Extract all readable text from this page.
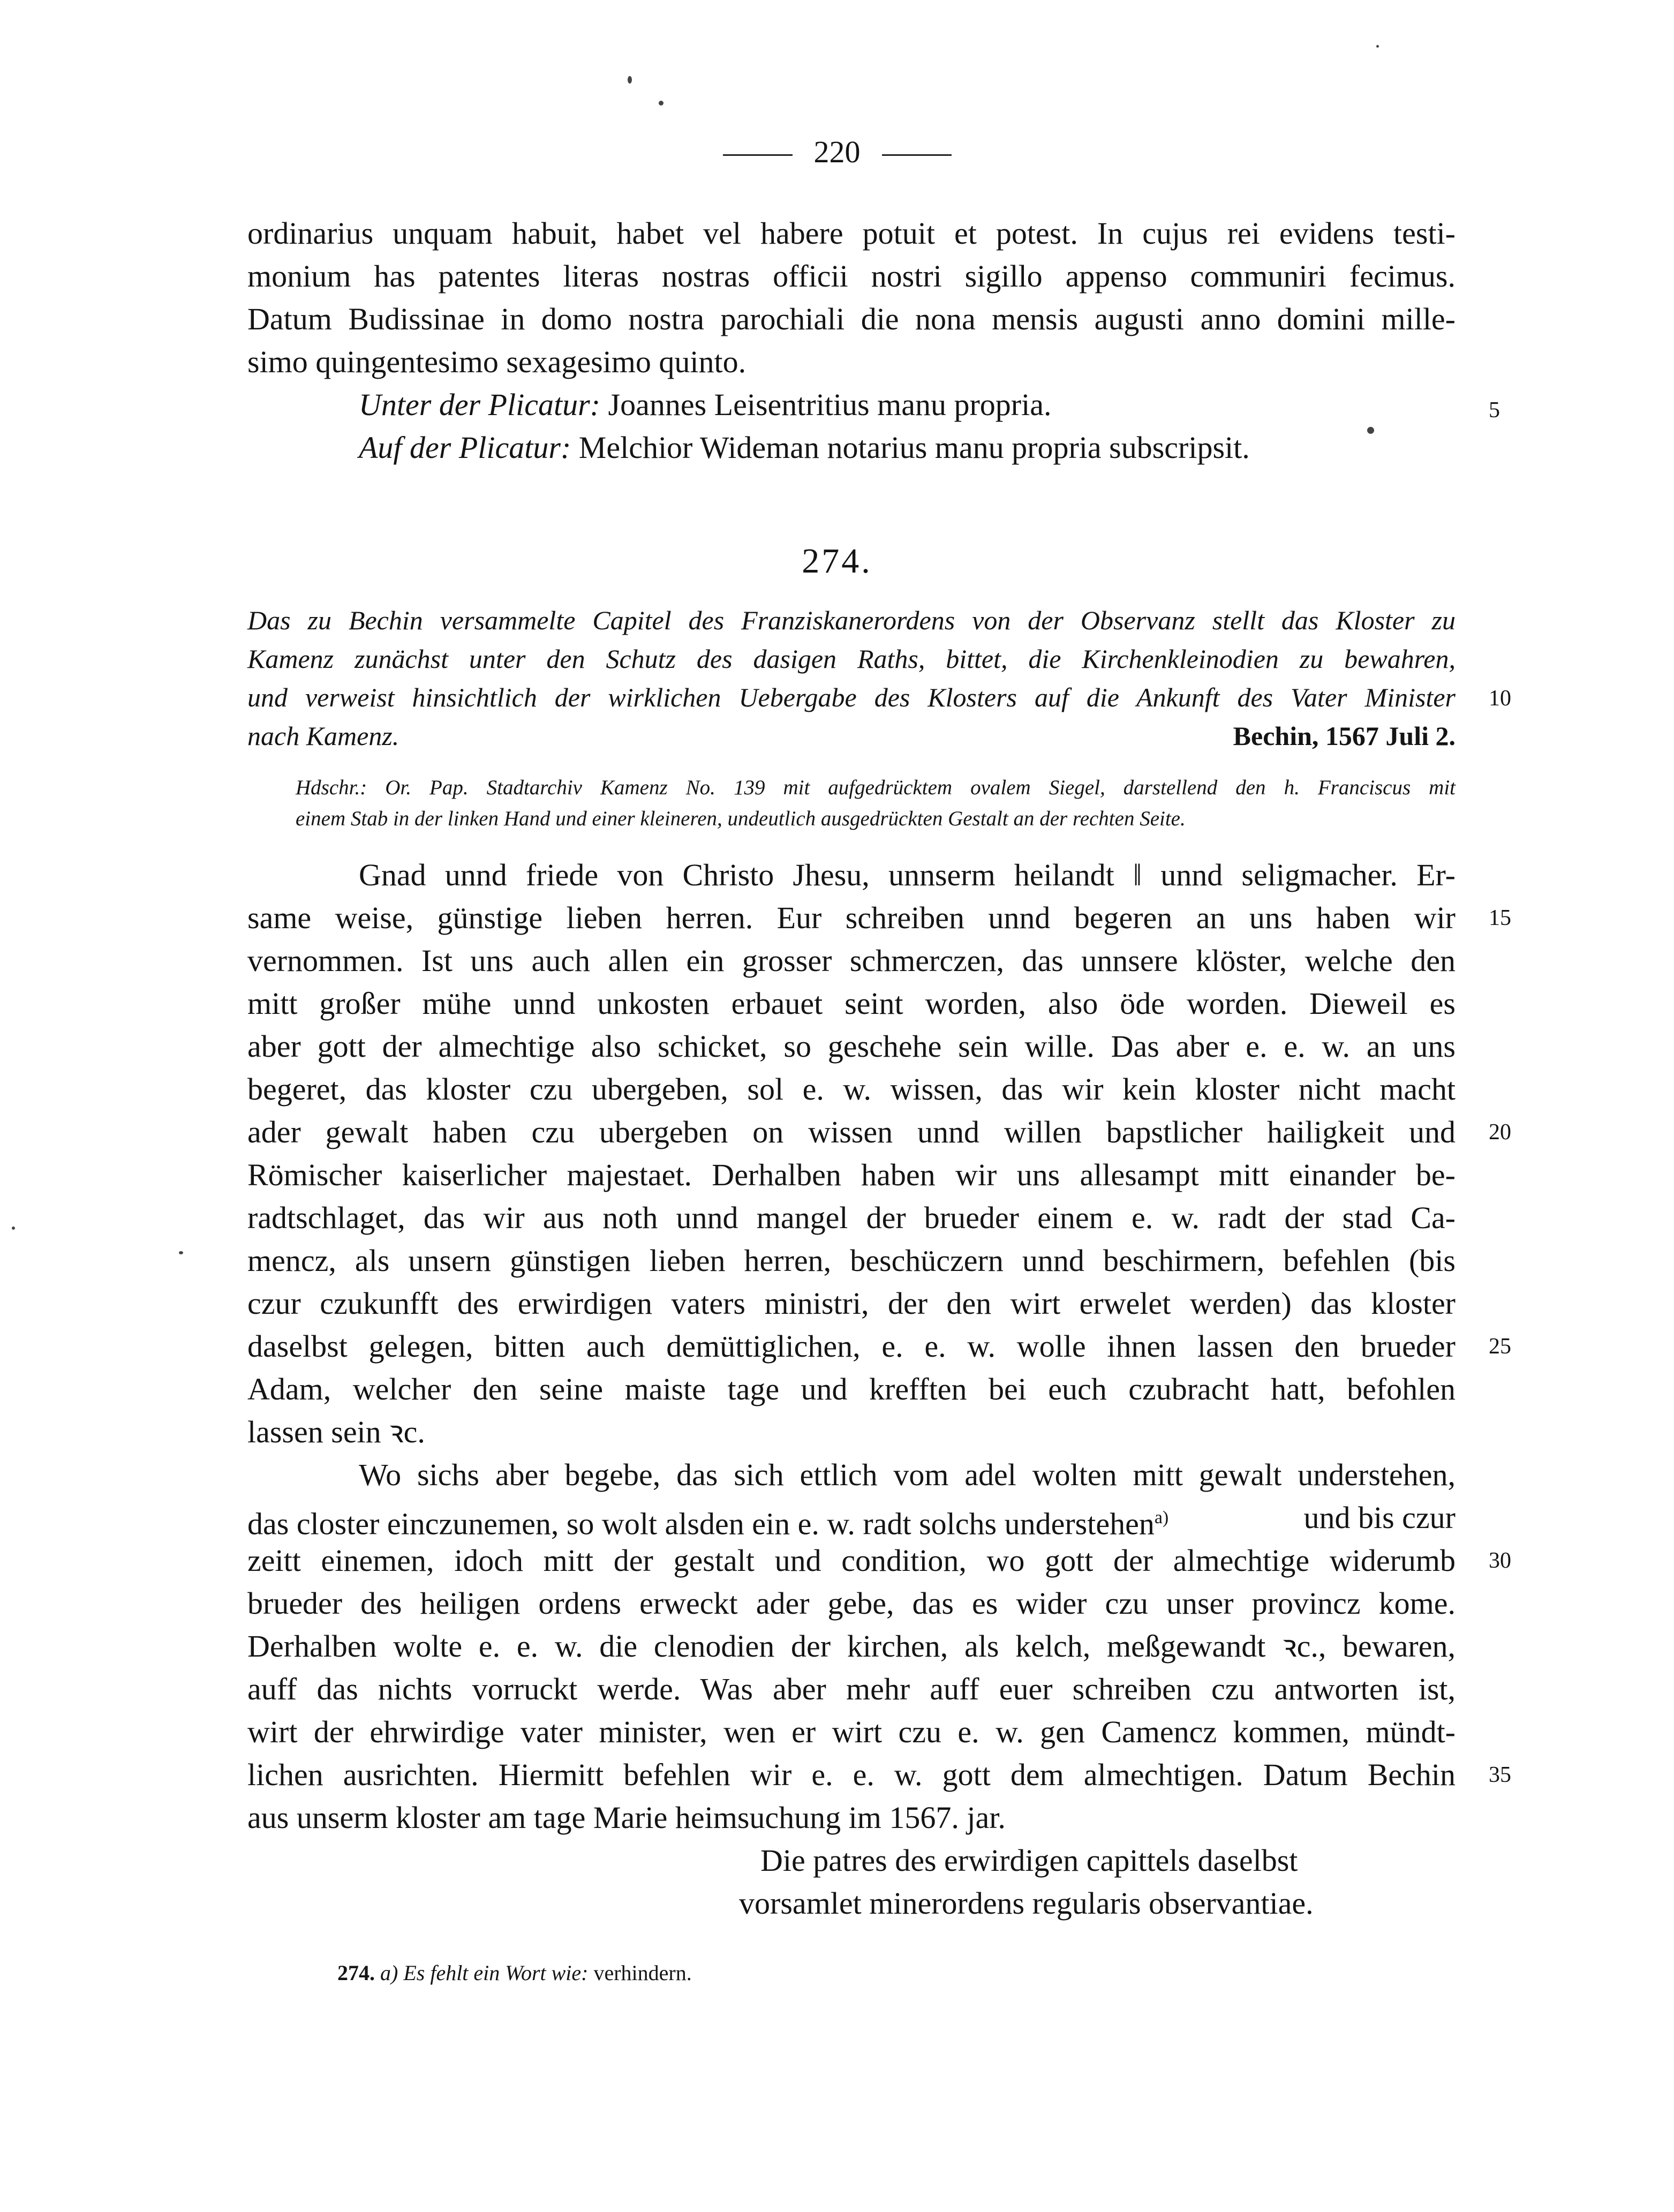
220
ordinarius unquam habuit, habet vel habere potuit et potest. In cujus rei evidens testi-
monium has patentes literas nostras officii nostri sigillo appenso communiri fecimus.
Datum Budissinae in domo nostra parochiali die nona mensis augusti anno domini mille-
simo quingentesimo sexagesimo quinto.
Unter der Plicatur: Joannes Leisentritius manu propria.
Auf der Plicatur: Melchior Wideman notarius manu propria subscripsit.
274.
Das zu Bechin versammelte Capitel des Franziskanerordens von der Observanz stellt das Kloster zu
Kamenz zunächst unter den Schutz des dasigen Raths, bittet, die Kirchenkleinodien zu bewahren,
und verweist hinsichtlich der wirklichen Uebergabe des Klosters auf die Ankunft des Vater Minister
nach Kamenz.	Bechin, 1567 Juli 2.
Hdschr.: Or. Pap. Stadtarchiv Kamenz No. 139 mit aufgedrücktem ovalem Siegel, darstellend den h. Franciscus mit
einem Stab in der linken Hand und einer kleineren, undeutlich ausgedrückten Gestalt an der rechten Seite.
Gnad unnd friede von Christo Jhesu, unnserm heilandt ‖ unnd seligmacher. Er-
same weise, günstige lieben herren. Eur schreiben unnd begeren an uns haben wir
vernommen. Ist uns auch allen ein grosser schmerczen, das unnsere klöster, welche den
mitt großer mühe unnd unkosten erbauet seint worden, also öde worden. Dieweil es
aber gott der almechtige also schicket, so geschehe sein wille. Das aber e. e. w. an uns
begeret, das kloster czu ubergeben, sol e. w. wissen, das wir kein kloster nicht macht
ader gewalt haben czu ubergeben on wissen unnd willen bapstlicher hailigkeit und
Römischer kaiserlicher majestaet. Derhalben haben wir uns allesampt mitt einander be-
radtschlaget, das wir aus noth unnd mangel der brueder einem e. w. radt der stad Ca-
mencz, als unsern günstigen lieben herren, beschüczern unnd beschirmern, befehlen (bis
czur czukunfft des erwirdigen vaters ministri, der den wirt erwelet werden) das kloster
daselbst gelegen, bitten auch demüttiglichen, e. e. w. wolle ihnen lassen den brueder
Adam, welcher den seine maiste tage und krefften bei euch czubracht hatt, befohlen
lassen sein ꝛc.
Wo sichs aber begebe, das sich ettlich vom adel wolten mitt gewalt understehen,
das closter einczunemen, so wolt alsden ein e. w. radt solchs understehen$^{a)}$	und bis czur
zeitt einemen, idoch mitt der gestalt und condition, wo gott der almechtige widerumb
brueder des heiligen ordens erweckt ader gebe, das es wider czu unser provincz kome.
Derhalben wolte e. e. w. die clenodien der kirchen, als kelch, meßgewandt ꝛc., bewaren,
auff das nichts vorruckt werde. Was aber mehr auff euer schreiben czu antworten ist,
wirt der ehrwirdige vater minister, wen er wirt czu e. w. gen Camencz kommen, mündt-
lichen ausrichten. Hiermitt befehlen wir e. e. w. gott dem almechtigen. Datum Bechin
aus unserm kloster am tage Marie heimsuchung im 1567. jar.
Die patres des erwirdigen capittels daselbst
vorsamlet minerordens regularis observantiae.
5
10
15
20
25
30
35
274. a) Es fehlt ein Wort wie: verhindern.
